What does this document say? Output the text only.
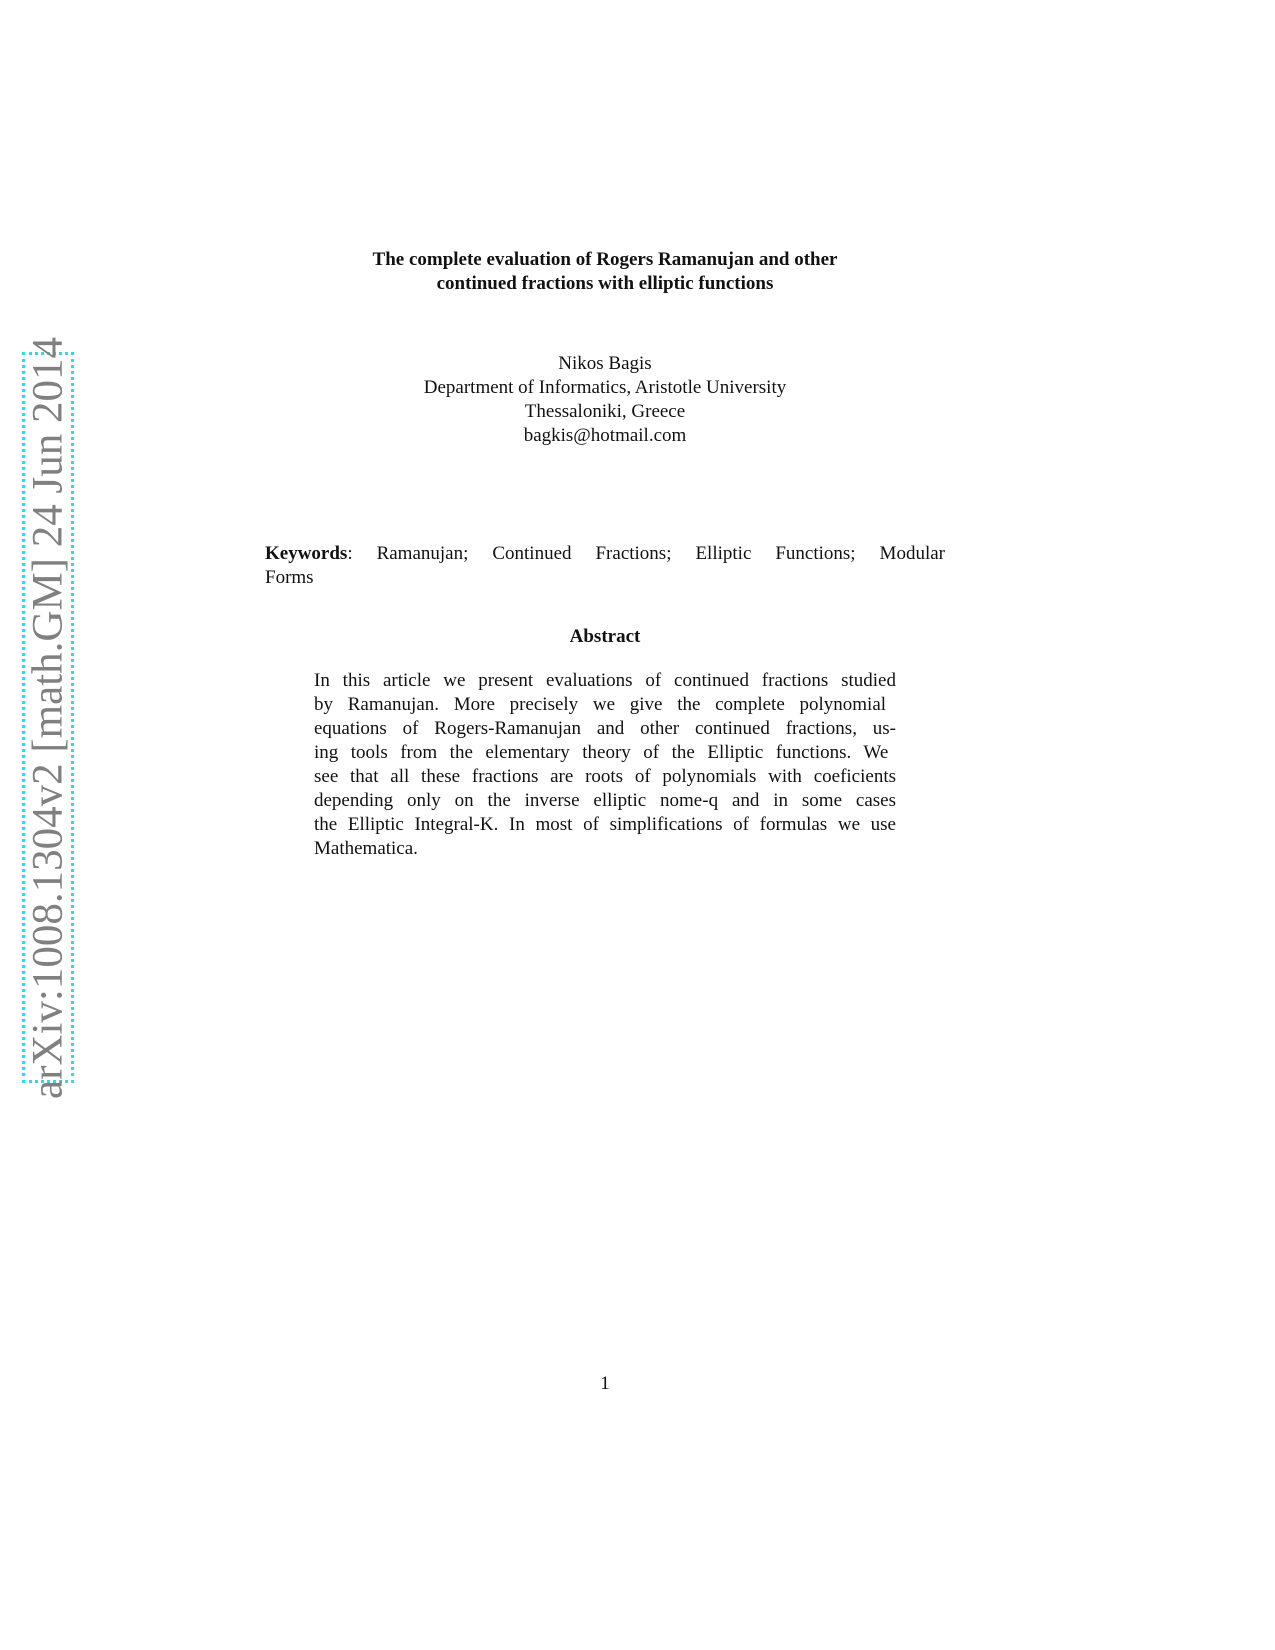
arXiv:1008.1304v2 [math.GM] 24 Jun 2014
The complete evaluation of Rogers Ramanujan and other
continued fractions with elliptic functions
Nikos Bagis
Department of Informatics, Aristotle University
Thessaloniki, Greece
bagkis@hotmail.com
Keywords: Ramanujan; Continued Fractions; Elliptic Functions; Modular
Forms
Abstract
In this article we present evaluations of continued fractions studied
by Ramanujan. More precisely we give the complete polynomial
equations of Rogers-Ramanujan and other continued fractions, us-
ing tools from the elementary theory of the Elliptic functions. We
see that all these fractions are roots of polynomials with coeficients
depending only on the inverse elliptic nome-q and in some cases
the Elliptic Integral-K. In most of simplifications of formulas we use
Mathematica.
1
